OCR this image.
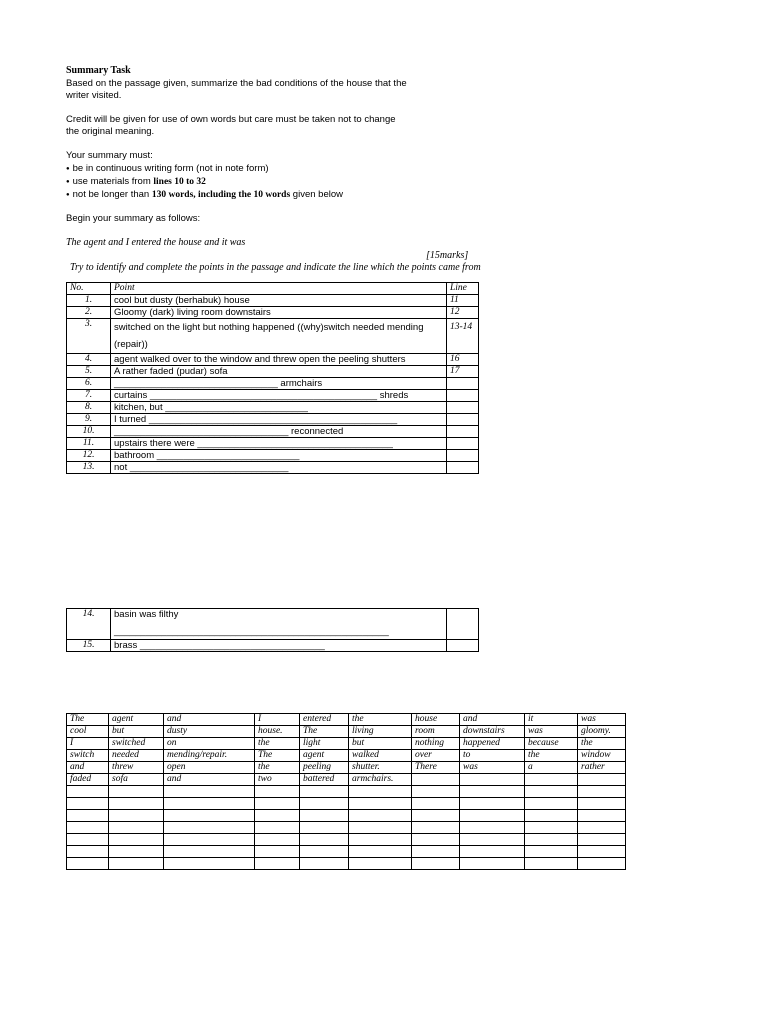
Summary Task
Based on the passage given, summarize the bad conditions of the house that the
writer visited.
Credit will be given for use of own words but care must be taken not to change
the original meaning.
Your summary must:
● be in continuous writing form (not in note form)
● use materials from lines 10 to 32
● not be longer than 130 words, including the 10 words given below
Begin your summary as follows:
The agent and I entered the house and it was
[15marks]
Try to identify and complete the points in the passage and indicate the line which the points came from
No.	Point	Line
1.	cool but dusty (berhabuk) house	11
2.	Gloomy (dark) living room downstairs	12
3.	switched on the light but nothing happened ((why)switch needed mending (repair))	13-14
4.	agent walked over to the window and threw open the peeling shutters	16
5.	A rather faded (pudar) sofa	17
6.	_______________________________ armchairs	
7.	curtains ___________________________________________ shreds	
8.	kitchen, but ___________________________	
9.	I turned _______________________________________________	
10.	_________________________________ reconnected	
11.	upstairs there were _____________________________________	
12.	bathroom ___________________________	
13.	not ______________________________	
14.	basin was filthy
____________________________________________________	

15.	brass ___________________________________	
The	agent	and	I	entered	the	house	and	it	was
cool	but	dusty	house.	The	living	room	downstairs	was	gloomy.
I	switched	on	the	light	but	nothing	happened	because	the
switch	needed	mending/repair.	The	agent	walked	over	to	the	window
and	threw	open	the	peeling	shutter.	There	was	a	rather
faded	sofa	and	two	battered	armchairs.				
